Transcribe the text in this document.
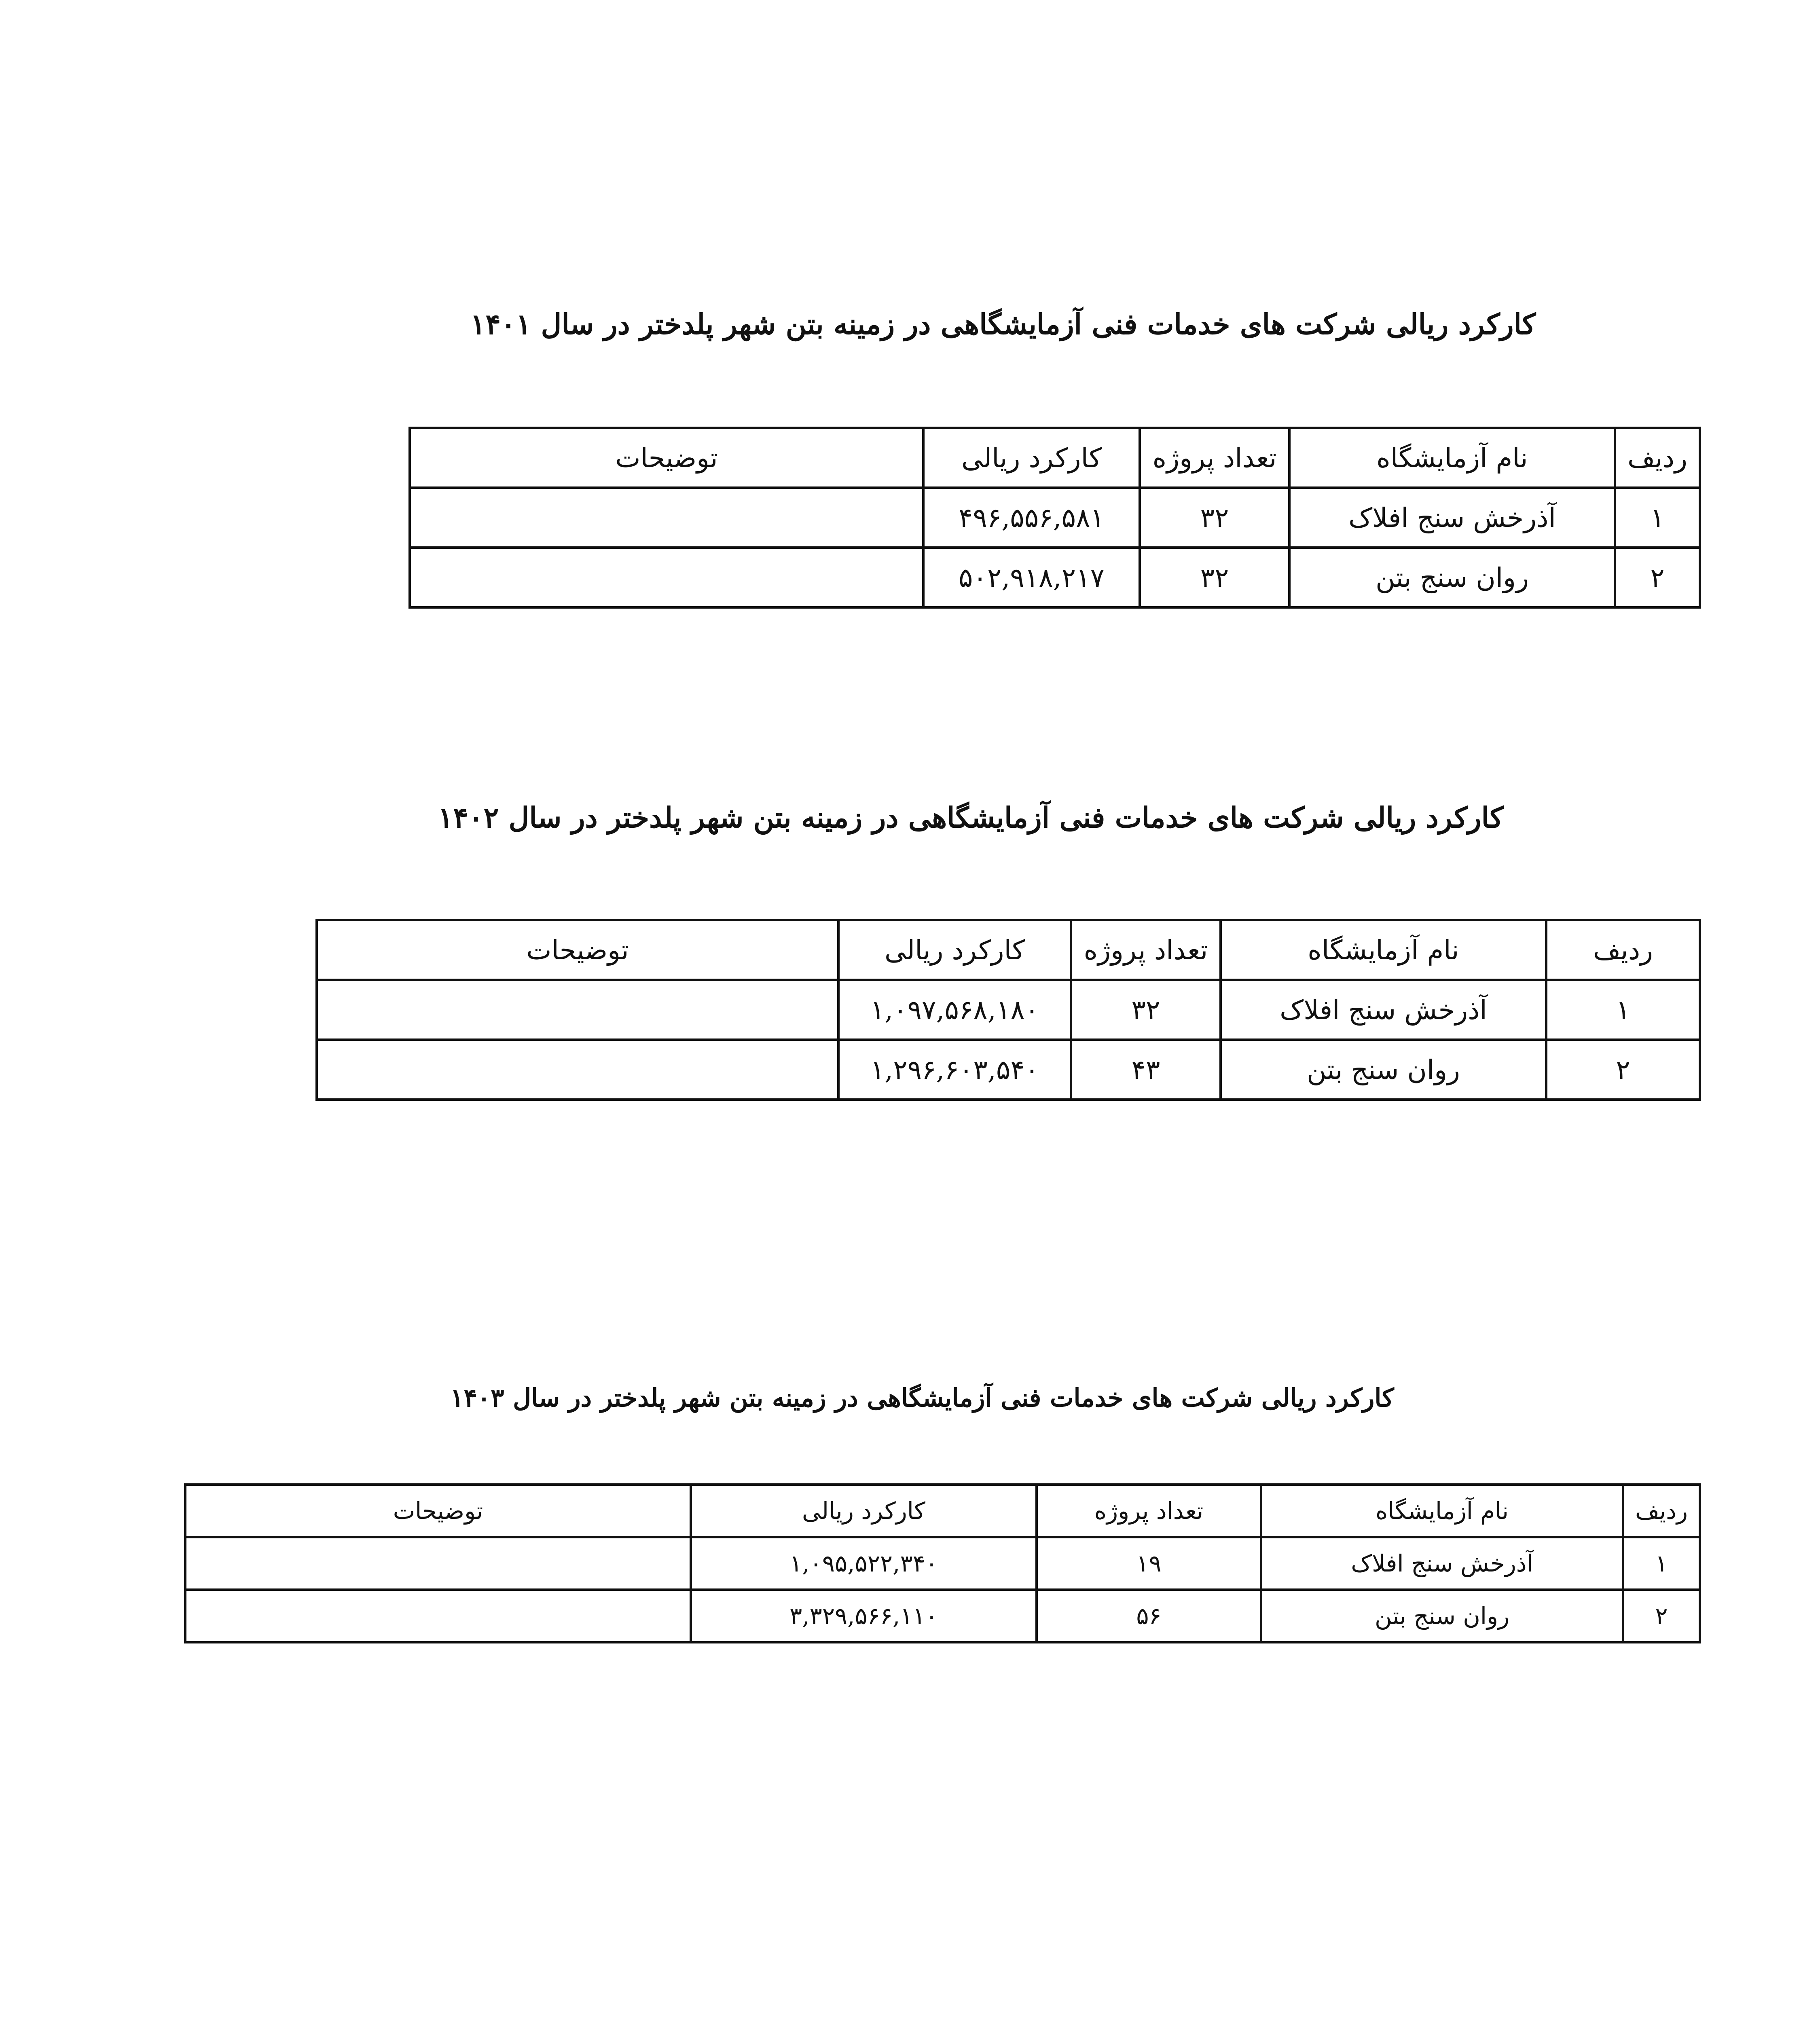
کارکرد ریالی شرکت های خدمات فنی آزمایشگاهی در زمینه بتن شهر پلدختر در سال ۱۴۰۱
ردیف	نام آزمایشگاه	تعداد پروژه	کارکرد ریالی	توضیحات
۱	آذرخش سنج افلاک	۳۲	۴۹۶,۵۵۶,۵۸۱	
۲	روان سنج بتن	۳۲	۵۰۲,۹۱۸,۲۱۷	
کارکرد ریالی شرکت های خدمات فنی آزمایشگاهی در زمینه بتن شهر پلدختر در سال ۱۴۰۲
ردیف	نام آزمایشگاه	تعداد پروژه	کارکرد ریالی	توضیحات
۱	آذرخش سنج افلاک	۳۲	۱,۰۹۷,۵۶۸,۱۸۰	
۲	روان سنج بتن	۴۳	۱,۲۹۶,۶۰۳,۵۴۰	
کارکرد ریالی شرکت های خدمات فنی آزمایشگاهی در زمینه بتن شهر پلدختر در سال ۱۴۰۳
ردیف	نام آزمایشگاه	تعداد پروژه	کارکرد ریالی	توضیحات
۱	آذرخش سنج افلاک	۱۹	۱,۰۹۵,۵۲۲,۳۴۰	
۲	روان سنج بتن	۵۶	۳,۳۲۹,۵۶۶,۱۱۰	
